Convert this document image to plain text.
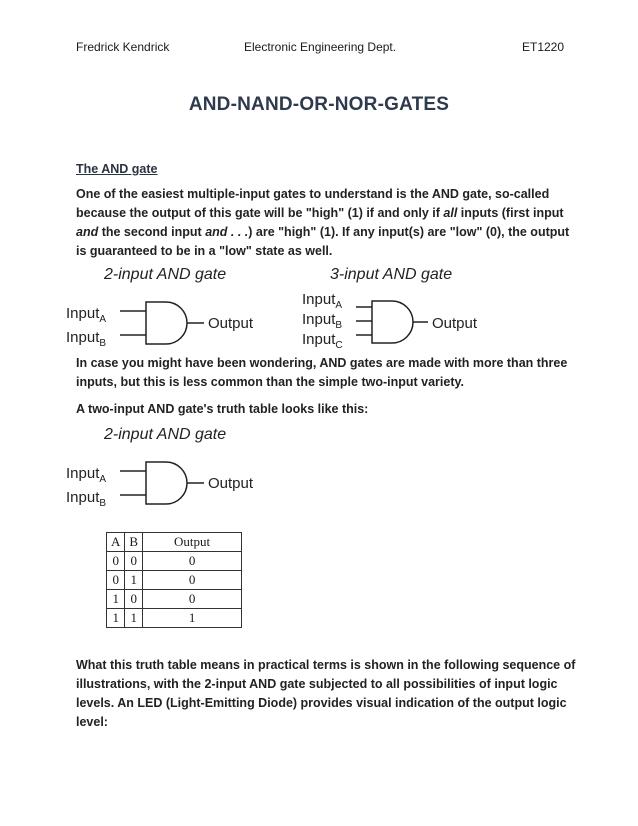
Fredrick Kendrick	Electronic Engineering Dept.	ET1220
AND-NAND-OR-NOR-GATES
The AND gate
One of the easiest multiple-input gates to understand is the AND gate, so-called because the output of this gate will be "high" (1) if and only if all inputs (first input and the second input and . . .) are "high" (1). If any input(s) are "low" (0), the output is guaranteed to be in a "low" state as well.
2-input AND gate
Input$_A$
Input$_B$
Output
3-input AND gate
Input$_A$
Input$_B$
Input$_C$
Output
In case you might have been wondering, AND gates are made with more than three inputs, but this is less common than the simple two-input variety.
A two-input AND gate's truth table looks like this:
2-input AND gate
Input$_A$
Input$_B$
Output
A	B	Output
0	0	0
0	1	0
1	0	0
1	1	1
What this truth table means in practical terms is shown in the following sequence of illustrations, with the 2-input AND gate subjected to all possibilities of input logic levels. An LED (Light-Emitting Diode) provides visual indication of the output logic level:
